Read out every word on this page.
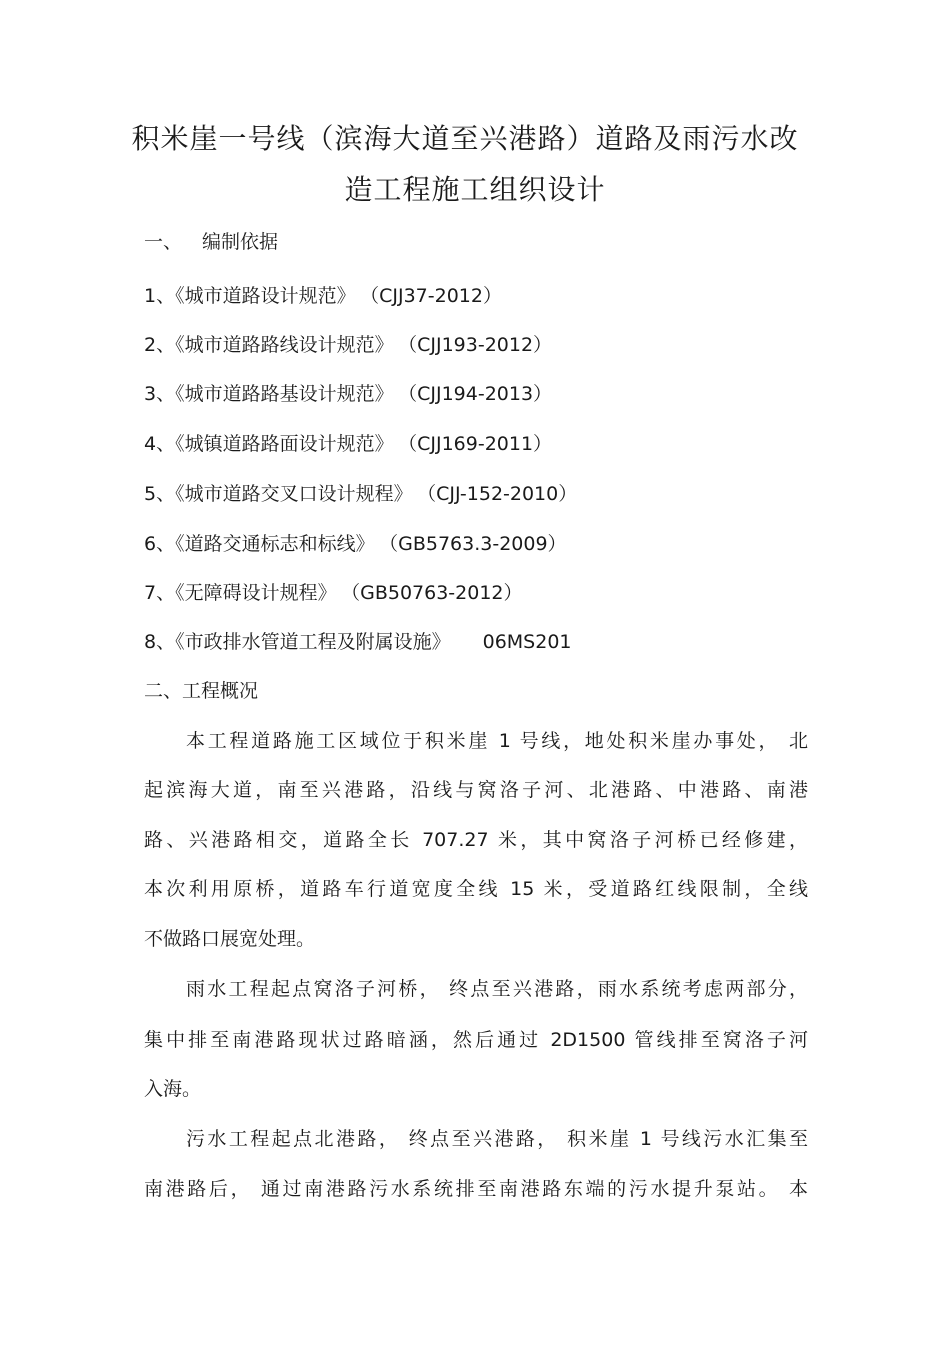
积米崖一号线（滨海大道至兴港路）道路及雨污水改
造工程施工组织设计
一、 编制依据
1、《城市道路设计规范》 （CJJ37-2012）
2、《城市道路路线设计规范》 （CJJ193-2012）
3、《城市道路路基设计规范》 （CJJ194-2013）
4、《城镇道路路面设计规范》 （CJJ169-2011）
5、《城市道路交叉口设计规程》 （CJJ-152-2010）
6、《道路交通标志和标线》 （GB5763.3-2009）
7、《无障碍设计规程》 （GB50763-2012）
8、《市政排水管道工程及附属设施》 06MS201
二、工程概况
本工程道路施工区域位于积米崖 1 号线，地处积米崖办事处， 北
起滨海大道，南至兴港路，沿线与窝洛子河、北港路、中港路、南港
路、兴港路相交，道路全长 707.27 米，其中窝洛子河桥已经修建，
本次利用原桥，道路车行道宽度全线 15 米，受道路红线限制，全线
不做路口展宽处理。
雨水工程起点窝洛子河桥， 终点至兴港路，雨水系统考虑两部分，
集中排至南港路现状过路暗涵，然后通过 2D1500 管线排至窝洛子河
入海。
污水工程起点北港路， 终点至兴港路， 积米崖 1 号线污水汇集至
南港路后， 通过南港路污水系统排至南港路东端的污水提升泵站。 本
